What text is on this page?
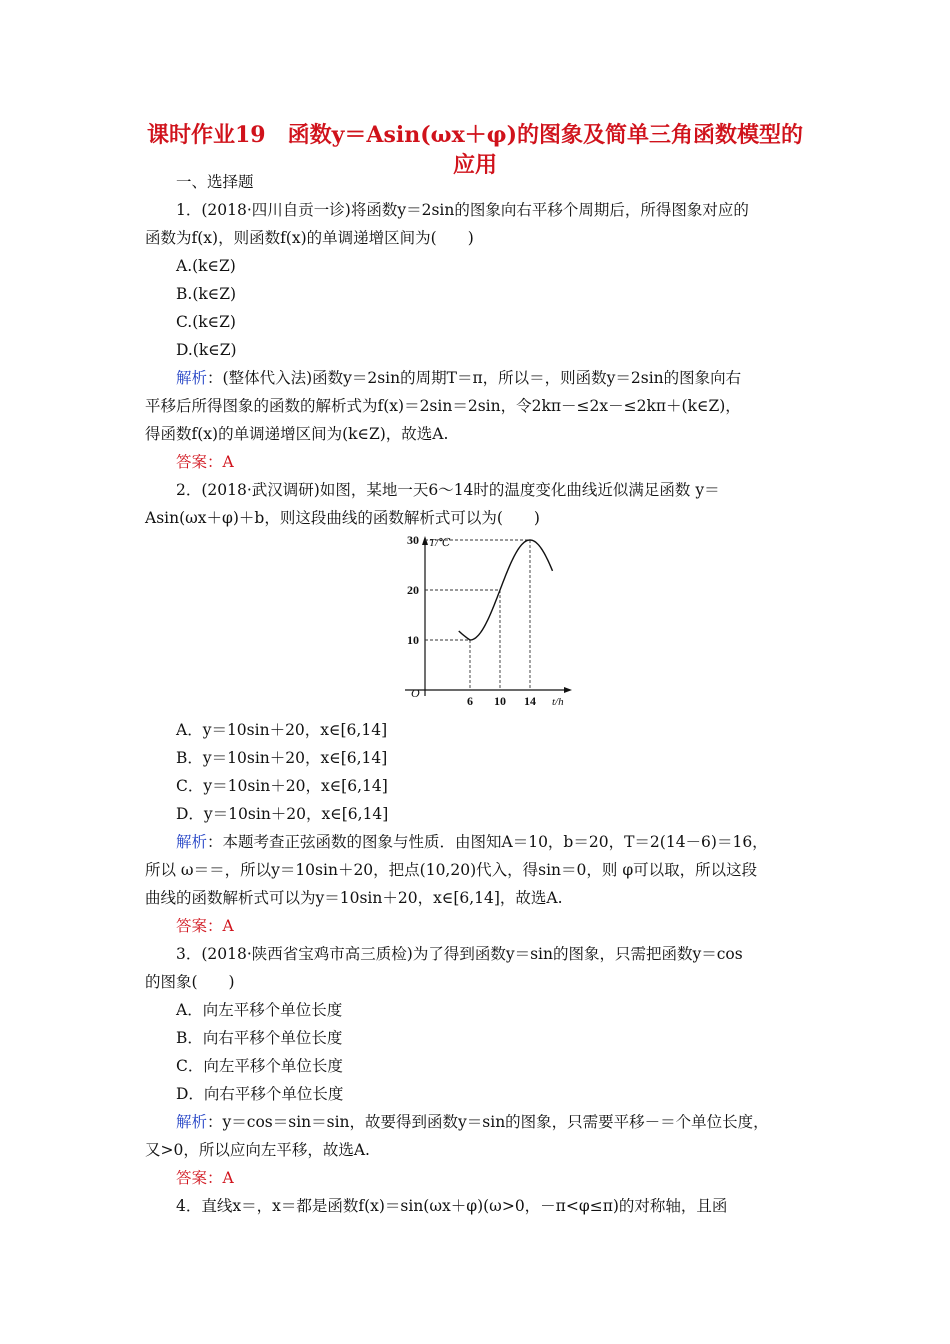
课时作业19　函数y＝Asin(ωx＋φ)的图象及简单三角函数模型的
应用
一、选择题
1．(2018·四川自贡一诊)将函数y＝2sin的图象向右平移个周期后，所得图象对应的
函数为f(x)，则函数f(x)的单调递增区间为(　　)
A.(k∈Z)
B.(k∈Z)
C.(k∈Z)
D.(k∈Z)
解析：(整体代入法)函数y＝2sin的周期T＝π，所以＝，则函数y＝2sin的图象向右
平移后所得图象的函数的解析式为f(x)＝2sin＝2sin，令2kπ－≤2x－≤2kπ＋(k∈Z)，
得函数f(x)的单调递增区间为(k∈Z)，故选A.
答案：A
2．(2018·武汉调研)如图，某地一天6～14时的温度变化曲线近似满足函数 y＝
Asin(ωx＋φ)＋b，则这段曲线的函数解析式可以为(　　)
O
T/℃
t/h
10
20
30
6 10 14
A．y＝10sin＋20，x∈[6,14]
B．y＝10sin＋20，x∈[6,14]
C．y＝10sin＋20，x∈[6,14]
D．y＝10sin＋20，x∈[6,14]
解析：本题考查正弦函数的图象与性质．由图知A＝10，b＝20，T＝2(14－6)＝16，
所以 ω＝＝，所以y＝10sin＋20，把点(10,20)代入，得sin＝0，则 φ可以取，所以这段
曲线的函数解析式可以为y＝10sin＋20，x∈[6,14]，故选A.
答案：A
3．(2018·陕西省宝鸡市高三质检)为了得到函数y＝sin的图象，只需把函数y＝cos
的图象(　　)
A．向左平移个单位长度
B．向右平移个单位长度
C．向左平移个单位长度
D．向右平移个单位长度
解析：y＝cos＝sin＝sin，故要得到函数y＝sin的图象，只需要平移－＝个单位长度，
又>0，所以应向左平移，故选A.
答案：A
4．直线x＝，x＝都是函数f(x)＝sin(ωx＋φ)(ω>0，－π<φ≤π)的对称轴，且函
